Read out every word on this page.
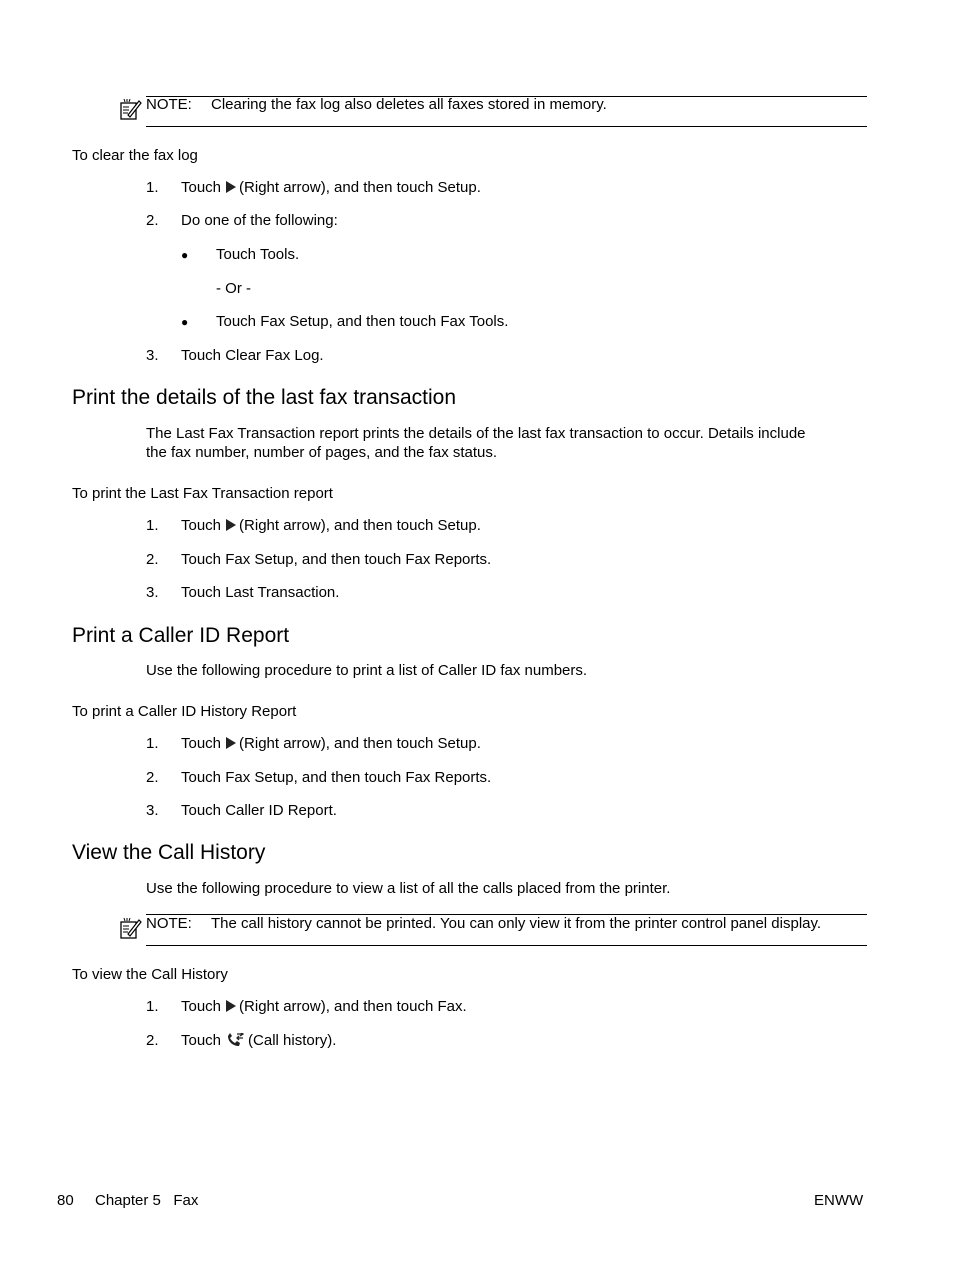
NOTE: Clearing the fax log also deletes all faxes stored in memory.
To clear the fax log
1. Touch (Right arrow), and then touch Setup.
2. Do one of the following:
● Touch Tools.
- Or -
● Touch Fax Setup, and then touch Fax Tools.
3. Touch Clear Fax Log.
Print the details of the last fax transaction
The Last Fax Transaction report prints the details of the last fax transaction to occur. Details include
the fax number, number of pages, and the fax status.
To print the Last Fax Transaction report
1. Touch (Right arrow), and then touch Setup.
2. Touch Fax Setup, and then touch Fax Reports.
3. Touch Last Transaction.
Print a Caller ID Report
Use the following procedure to print a list of Caller ID fax numbers.
To print a Caller ID History Report
1. Touch (Right arrow), and then touch Setup.
2. Touch Fax Setup, and then touch Fax Reports.
3. Touch Caller ID Report.
View the Call History
Use the following procedure to view a list of all the calls placed from the printer.
NOTE: The call history cannot be printed. You can only view it from the printer control panel display.
To view the Call History
1. Touch (Right arrow), and then touch Fax.
2. Touch (Call history).
80 Chapter 5   Fax	ENWW
